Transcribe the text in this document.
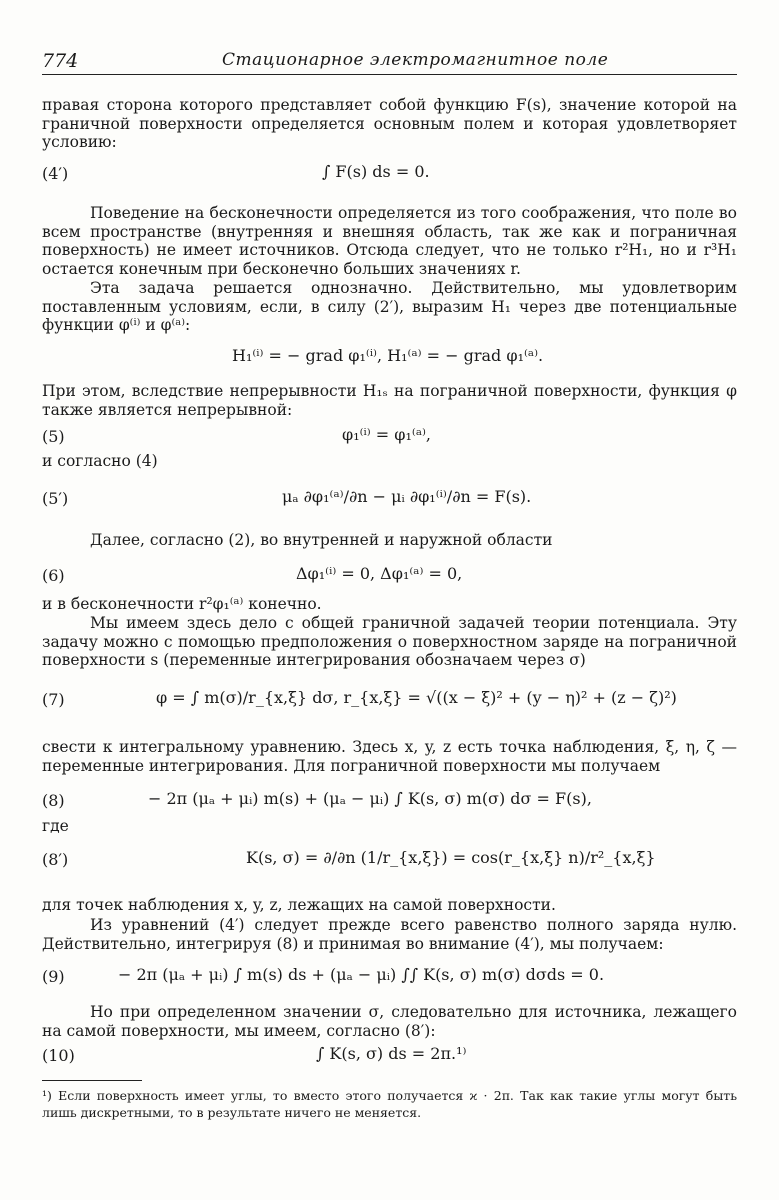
774	Стационарное электромагнитное поле

правая сторона которого представляет собой функцию F(s), значение которой на граничной поверхности определяется основным полем и которая удовлетворяет условию:

(4′)	∫ F(s) ds = 0.

Поведение на бесконечности определяется из того соображения, что поле во всем пространстве (внутренняя и внешняя область, так же как и пограничная поверхность) не имеет источников. Отсюда следует, что не только r²H₁, но и r³H₁ остается конечным при бесконечно больших значениях r.

Эта задача решается однозначно. Действительно, мы удовлетворим поставленным условиям, если, в силу (2′), выразим H₁ через две потенциальные функции φ⁽ⁱ⁾ и φ⁽ᵃ⁾:

H₁⁽ⁱ⁾ = − grad φ₁⁽ⁱ⁾, H₁⁽ᵃ⁾ = − grad φ₁⁽ᵃ⁾.

При этом, вследствие непрерывности H₁ₛ на пограничной поверхности, функция φ также является непрерывной:

(5)	φ₁⁽ⁱ⁾ = φ₁⁽ᵃ⁾,
и согласно (4)
(5′)	μₐ ∂φ₁⁽ᵃ⁾/∂n − μᵢ ∂φ₁⁽ⁱ⁾/∂n = F(s).

Далее, согласно (2), во внутренней и наружной области

(6)	Δφ₁⁽ⁱ⁾ = 0, Δφ₁⁽ᵃ⁾ = 0,
и в бесконечности r²φ₁⁽ᵃ⁾ конечно.

Мы имеем здесь дело с общей граничной задачей теории потенциала. Эту задачу можно с помощью предположения о поверхностном заряде на пограничной поверхности s (переменные интегрирования обозначаем через σ)

(7)	φ = ∫ m(σ)/r_{x,ξ} dσ, r_{x,ξ} = √((x − ξ)² + (y − η)² + (z − ζ)²)

свести к интегральному уравнению. Здесь x, y, z есть точка наблюдения, ξ, η, ζ — переменные интегрирования. Для пограничной поверхности мы получаем

(8)	− 2π (μₐ + μᵢ) m(s) + (μₐ − μᵢ) ∫ K(s, σ) m(σ) dσ = F(s),
где
(8′)	K(s, σ) = ∂/∂n (1/r_{x,ξ}) = cos(r_{x,ξ} n)/r²_{x,ξ}

для точек наблюдения x, y, z, лежащих на самой поверхности.

Из уравнений (4′) следует прежде всего равенство полного заряда нулю. Действительно, интегрируя (8) и принимая во внимание (4′), мы получаем:

(9)	− 2π (μₐ + μᵢ) ∫ m(s) ds + (μₐ − μᵢ) ∫∫ K(s, σ) m(σ) dσds = 0.

Но при определенном значении σ, следовательно для источника, лежащего на самой поверхности, мы имеем, согласно (8′):

(10)	∫ K(s, σ) ds = 2π.¹⁾

¹) Если поверхность имеет углы, то вместо этого получается ϰ · 2π. Так как такие углы могут быть лишь дискретными, то в результате ничего не меняется.
